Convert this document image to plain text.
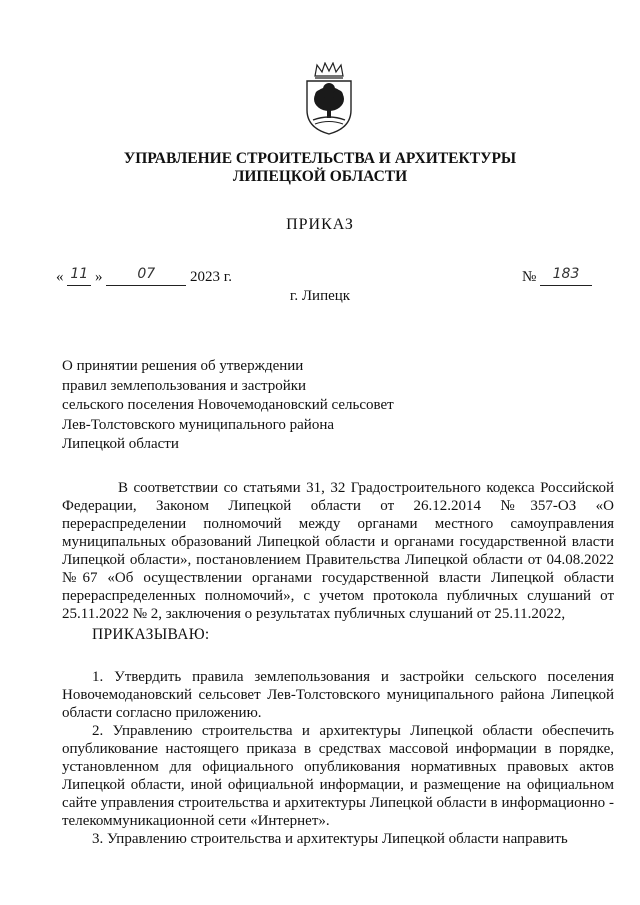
УПРАВЛЕНИЕ СТРОИТЕЛЬСТВА И АРХИТЕКТУРЫ
ЛИПЕЦКОЙ ОБЛАСТИ
ПРИКАЗ
« 11 » 07 2023 г.	№ 183
г. Липецк
О принятии решения об утверждении
правил землепользования и застройки
сельского поселения Новочемодановский сельсовет
Лев-Толстовского муниципального района
Липецкой области

В соответствии со статьями 31, 32 Градостроительного кодекса Российской Федерации, Законом Липецкой области от 26.12.2014 №357-ОЗ «О перераспределении полномочий между органами местного самоуправления муниципальных образований Липецкой области и органами государственной власти Липецкой области», постановлением Правительства Липецкой области от 04.08.2022 №67 «Об осуществлении органами государственной власти Липецкой области перераспределенных полномочий», с учетом протокола публичных слушаний от 25.11.2022 № 2, заключения о результатах публичных слушаний от 25.11.2022,

ПРИКАЗЫВАЮ:

1. Утвердить правила землепользования и застройки сельского поселения Новочемодановский сельсовет Лев-Толстовского муниципального района Липецкой области согласно приложению.

2. Управлению строительства и архитектуры Липецкой области обеспечить опубликование настоящего приказа в средствах массовой информации в порядке, установленном для официального опубликования нормативных правовых актов Липецкой области, иной официальной информации, и размещение на официальном сайте управления строительства и архитектуры Липецкой области в информационно - телекоммуникационной сети «Интернет».

3. Управлению строительства и архитектуры Липецкой области направить
